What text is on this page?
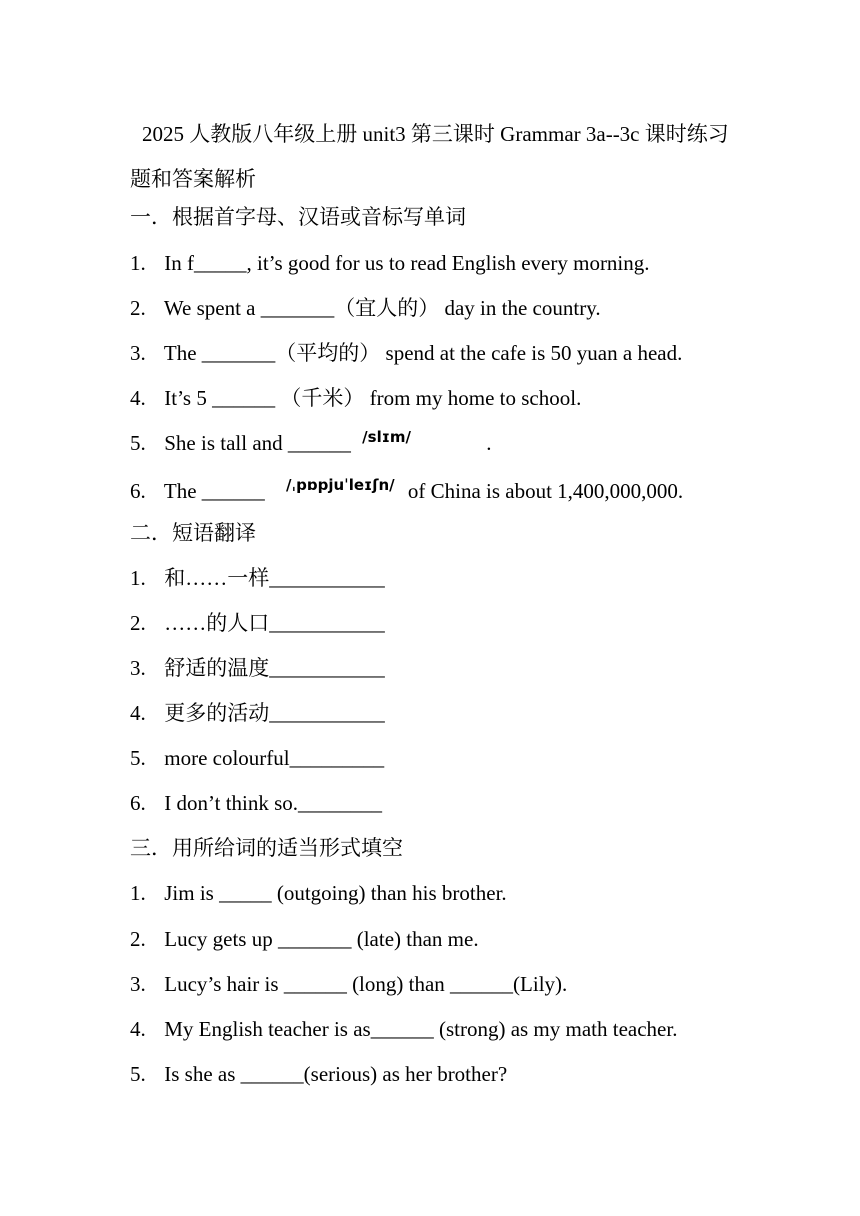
2025 人教版八年级上册 unit3 第三课时 Grammar 3a--3c 课时练习题和答案解析
一．根据首字母、汉语或音标写单词
1. In f_____, it’s good for us to read English every morning.
2. We spent a _______（宜人的） day in the country.
3. The _______（平均的） spend at the cafe is 50 yuan a head.
4. It’s 5 ______ （千米） from my home to school.
5. She is tall and ______ $^{/slɪm/}$	.
6. The ______ $^{/ˌpɒpjuˈleɪʃn/}$ of China is about 1,400,000,000.
二．短语翻译
1. 和……一样___________
2. ……的人口___________
3. 舒适的温度___________
4. 更多的活动___________
5. more colourful_________
6. I don’t think so.________
三．用所给词的适当形式填空
1. Jim is _____ (outgoing) than his brother.
2. Lucy gets up _______ (late) than me.
3. Lucy’s hair is ______ (long) than ______(Lily).
4. My English teacher is as______ (strong) as my math teacher.
5. Is she as ______(serious) as her brother?
